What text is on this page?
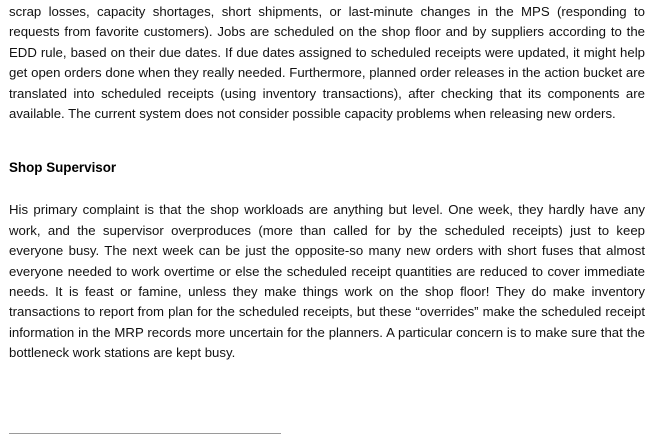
scrap losses, capacity shortages, short shipments, or last-minute changes in the MPS (responding to requests from favorite customers). Jobs are scheduled on the shop floor and by suppliers according to the EDD rule, based on their due dates. If due dates assigned to scheduled receipts were updated, it might help get open orders done when they really needed. Furthermore, planned order releases in the action bucket are translated into scheduled receipts (using inventory transactions), after checking that its components are available. The current system does not consider possible capacity problems when releasing new orders.

Shop Supervisor

His primary complaint is that the shop workloads are anything but level. One week, they hardly have any work, and the supervisor overproduces (more than called for by the scheduled receipts) just to keep everyone busy. The next week can be just the opposite-so many new orders with short fuses that almost everyone needed to work overtime or else the scheduled receipt quantities are reduced to cover immediate needs. It is feast or famine, unless they make things work on the shop floor! They do make inventory transactions to report from plan for the scheduled receipts, but these “overrides” make the scheduled receipt information in the MRP records more uncertain for the planners. A particular concern is to make sure that the bottleneck work stations are kept busy.
